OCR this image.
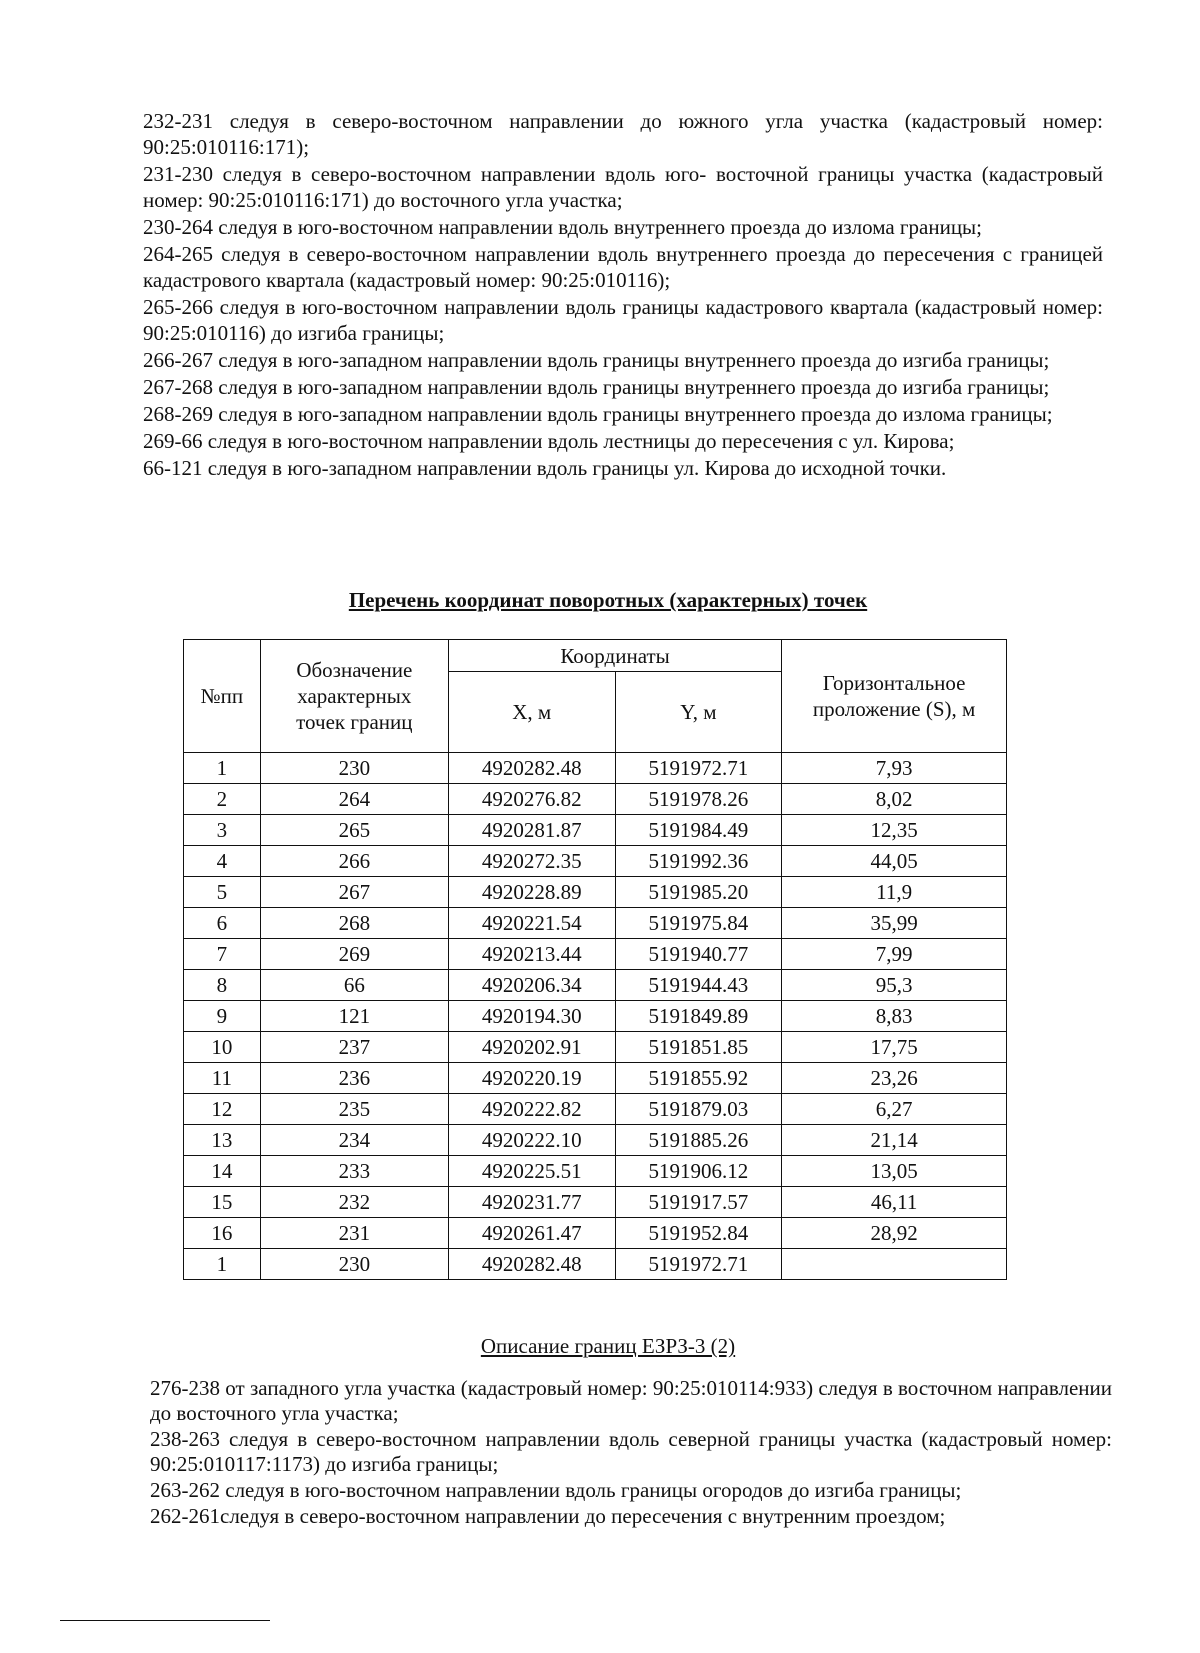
232-231 следуя в северо-восточном направлении до южного угла участка (кадастровый номер: 90:25:010116:171);

231-230 следуя в северо-восточном направлении вдоль юго- восточной границы участка (кадастровый номер: 90:25:010116:171) до восточного угла участка;

230-264 следуя в юго-восточном направлении вдоль внутреннего проезда до излома границы;

264-265 следуя в северо-восточном направлении вдоль внутреннего проезда до пересечения с границей кадастрового квартала (кадастровый номер: 90:25:010116);

265-266 следуя в юго-восточном направлении вдоль границы кадастрового квартала (кадастровый номер: 90:25:010116) до изгиба границы;

266-267 следуя в юго-западном направлении вдоль границы внутреннего проезда до изгиба границы;

267-268 следуя в юго-западном направлении вдоль границы внутреннего проезда до изгиба границы;

268-269 следуя в юго-западном направлении вдоль границы внутреннего проезда до излома границы;

269-66 следуя в юго-восточном направлении вдоль лестницы до пересечения с ул. Кирова;

66-121 следуя в юго-западном направлении вдоль границы ул. Кирова до исходной точки.

Перечень координат поворотных (характерных) точек
№пп	Обозначение характерных точек границ	Координаты		Горизонтальное проложение (S), м
		X, м	Y, м	
1	230	4920282.48	5191972.71	7,93
2	264	4920276.82	5191978.26	8,02
3	265	4920281.87	5191984.49	12,35
4	266	4920272.35	5191992.36	44,05
5	267	4920228.89	5191985.20	11,9
6	268	4920221.54	5191975.84	35,99
7	269	4920213.44	5191940.77	7,99
8	66	4920206.34	5191944.43	95,3
9	121	4920194.30	5191849.89	8,83
10	237	4920202.91	5191851.85	17,75
11	236	4920220.19	5191855.92	23,26
12	235	4920222.82	5191879.03	6,27
13	234	4920222.10	5191885.26	21,14
14	233	4920225.51	5191906.12	13,05
15	232	4920231.77	5191917.57	46,11
16	231	4920261.47	5191952.84	28,92
1	230	4920282.48	5191972.71	
Описание границ ЕЗРЗ-3 (2)

276-238 от западного угла участка (кадастровый номер: 90:25:010114:933) следуя в восточном направлении до восточного угла участка;

238-263 следуя в северо-восточном направлении вдоль северной границы участка (кадастровый номер: 90:25:010117:1173) до изгиба границы;

263-262 следуя в юго-восточном направлении вдоль границы огородов до изгиба границы;

262-261следуя в северо-восточном направлении до пересечения с внутренним проездом;
